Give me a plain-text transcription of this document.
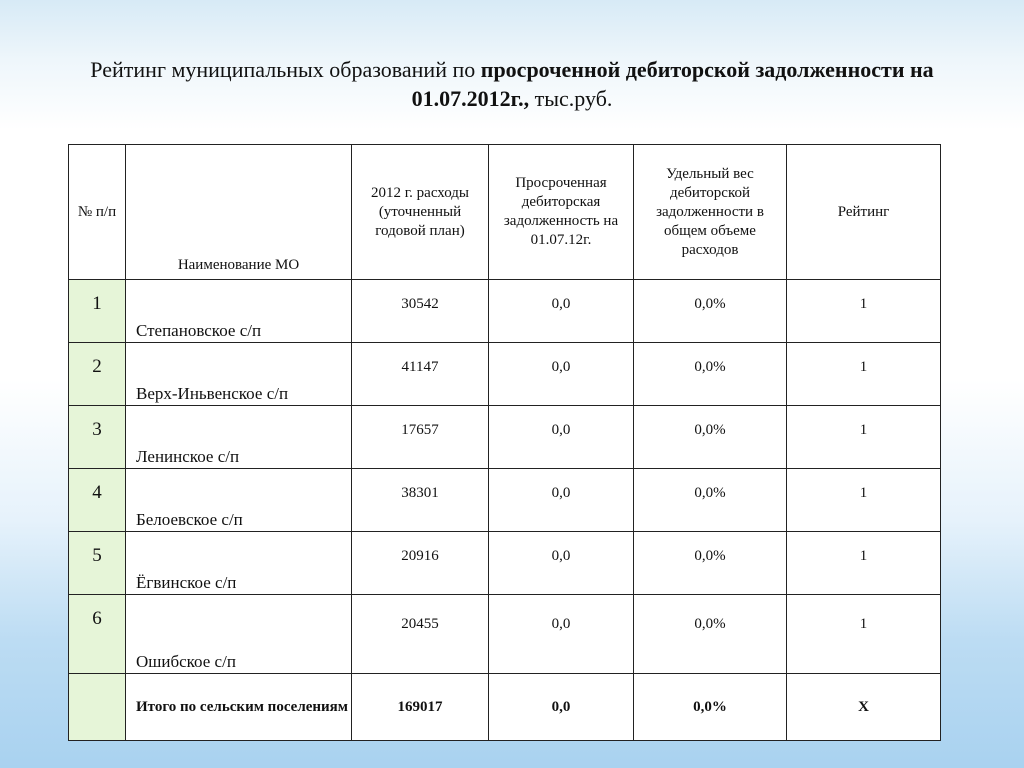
Рейтинг муниципальных образований по просроченной дебиторской задолженности на
01.07.2012г., тыс.руб.
№ п/п	Наименование МО	2012 г. расходы (уточненный годовой план)	Просроченная дебиторская задолженность на 01.07.12г.	Удельный вес дебиторской задолженности в общем объеме расходов	Рейтинг
1	Степановское с/п	30542	0,0	0,0%	1
2	Верх-Иньвенское с/п	41147	0,0	0,0%	1
3	Ленинское с/п	17657	0,0	0,0%	1
4	Белоевское с/п	38301	0,0	0,0%	1
5	Ёгвинское с/п	20916	0,0	0,0%	1
6	Ошибское с/п	20455	0,0	0,0%	1
	Итого по сельским поселениям	169017	0,0	0,0%	Х
